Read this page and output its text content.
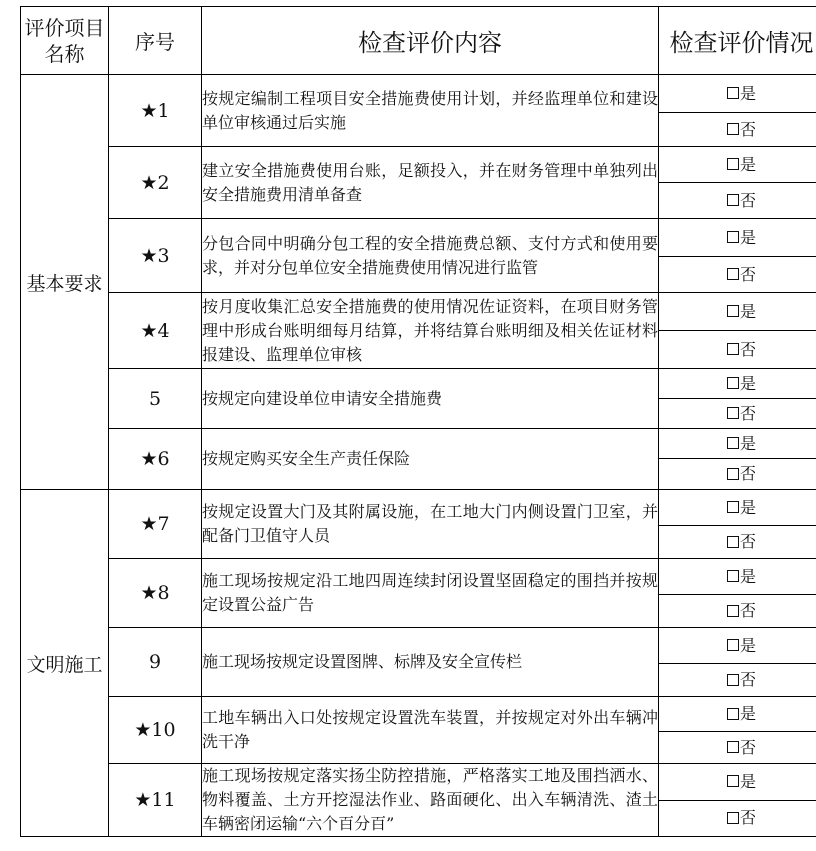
评价项目
名称	序号	检查评价内容	检查评价情况	
基本要求	★1	按规定编制工程项目安全措施费使用计划，并经监理单位和建设单位审核通过后实施	是	
			否	
	★2	建立安全措施费使用台账，足额投入，并在财务管理中单独列出安全措施费用清单备查	是	
			否	
	★3	分包合同中明确分包工程的安全措施费总额、支付方式和使用要求，并对分包单位安全措施费使用情况进行监管	是	
			否	
	★4	按月度收集汇总安全措施费的使用情况佐证资料，在项目财务管理中形成台账明细每月结算，并将结算台账明细及相关佐证材料报建设、监理单位审核	是	
			否	
	5	按规定向建设单位申请安全措施费	是	
			否	
	★6	按规定购买安全生产责任保险	是	
			否	
文明施工	★7	按规定设置大门及其附属设施，在工地大门内侧设置门卫室，并配备门卫值守人员	是	
			否	
	★8	施工现场按规定沿工地四周连续封闭设置坚固稳定的围挡并按规定设置公益广告	是	
			否	
	9	施工现场按规定设置图牌、标牌及安全宣传栏	是	
			否	
	★10	工地车辆出入口处按规定设置洗车装置，并按规定对外出车辆冲洗干净	是	
			否	
	★11	施工现场按规定落实扬尘防控措施，严格落实工地及围挡洒水、物料覆盖、土方开挖湿法作业、路面硬化、出入车辆清洗、渣土车辆密闭运输“六个百分百”	是	
			否	
